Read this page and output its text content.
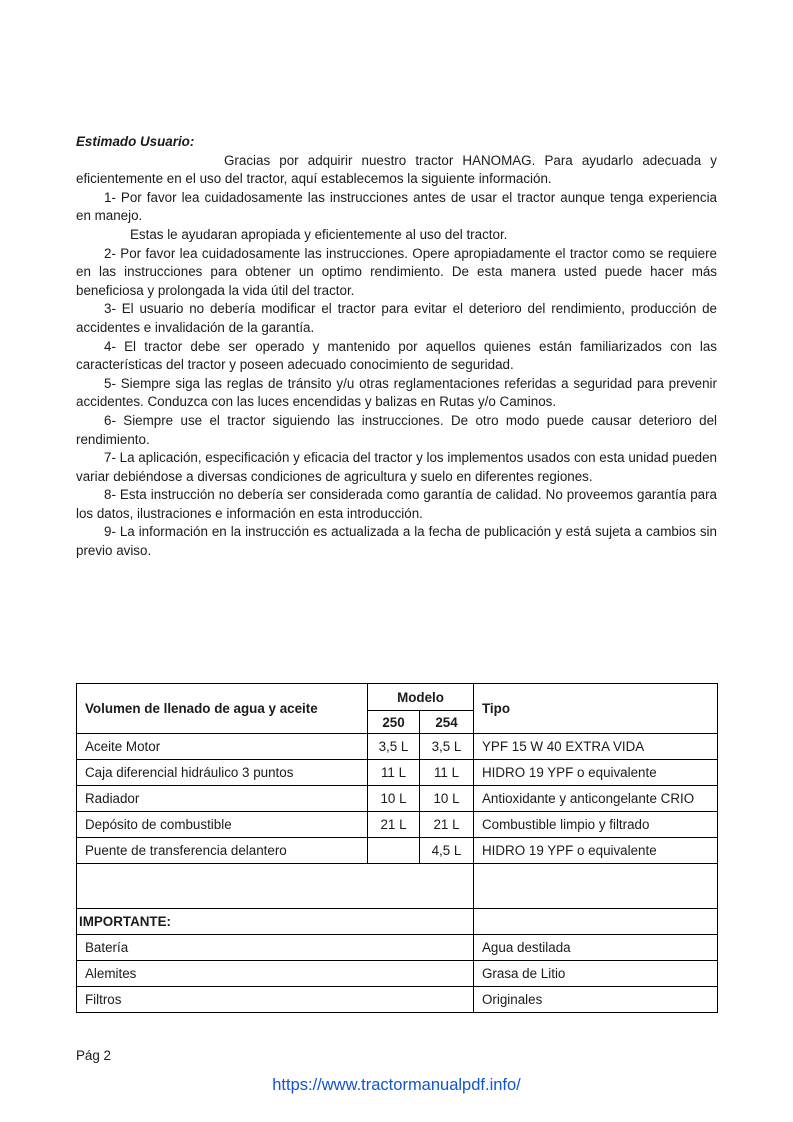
Estimado Usuario:

Gracias por adquirir nuestro tractor HANOMAG. Para ayudarlo adecuada y eficientemente en el uso del tractor, aquí establecemos la siguiente información.

1- Por favor lea cuidadosamente las instrucciones antes de usar el tractor aunque tenga experiencia en manejo.

Estas le ayudaran apropiada y eficientemente al uso del tractor.

2- Por favor lea cuidadosamente las instrucciones. Opere apropiadamente el tractor como se requiere en las instrucciones para obtener un optimo rendimiento. De esta manera usted puede hacer más beneficiosa y prolongada la vida útil del tractor.

3- El usuario no debería modificar el tractor para evitar el deterioro del rendimiento, producción de accidentes e invalidación de la garantía.

4- El tractor debe ser operado y mantenido por aquellos quienes están familiarizados con las características del tractor y poseen adecuado conocimiento de seguridad.

5- Siempre siga las reglas de tránsito y/u otras reglamentaciones referidas a seguridad para prevenir accidentes. Conduzca con las luces encendidas y balizas en Rutas y/o Caminos.

6- Siempre use el tractor siguiendo las instrucciones. De otro modo puede causar deterioro del rendimiento.

7- La aplicación, especificación y eficacia del tractor y los implementos usados con esta unidad pueden variar debiéndose a diversas condiciones de agricultura y suelo en diferentes regiones.

8- Esta instrucción no debería ser considerada como garantía de calidad. No proveemos garantía para los datos, ilustraciones e información en esta introducción.

9- La información en la instrucción es actualizada a la fecha de publicación y está sujeta a cambios sin previo aviso.

Volumen de llenado de agua y aceite	Modelo		Tipo
	250	254	
Aceite Motor	3,5 L	3,5 L	YPF 15 W 40 EXTRA VIDA
Caja diferencial hidráulico 3 puntos	11 L	11 L	HIDRO 19 YPF o equivalente
Radiador	10 L	10 L	Antioxidante y anticongelante CRIO
Depósito de combustible	21 L	21 L	Combustible limpio y filtrado
Puente de transferencia delantero		4,5 L	HIDRO 19 YPF o equivalente

IMPORTANTE:			
Batería			Agua destilada
Alemites			Grasa de Litio
Filtros			Originales
Pág 2
https://www.tractormanualpdf.info/
